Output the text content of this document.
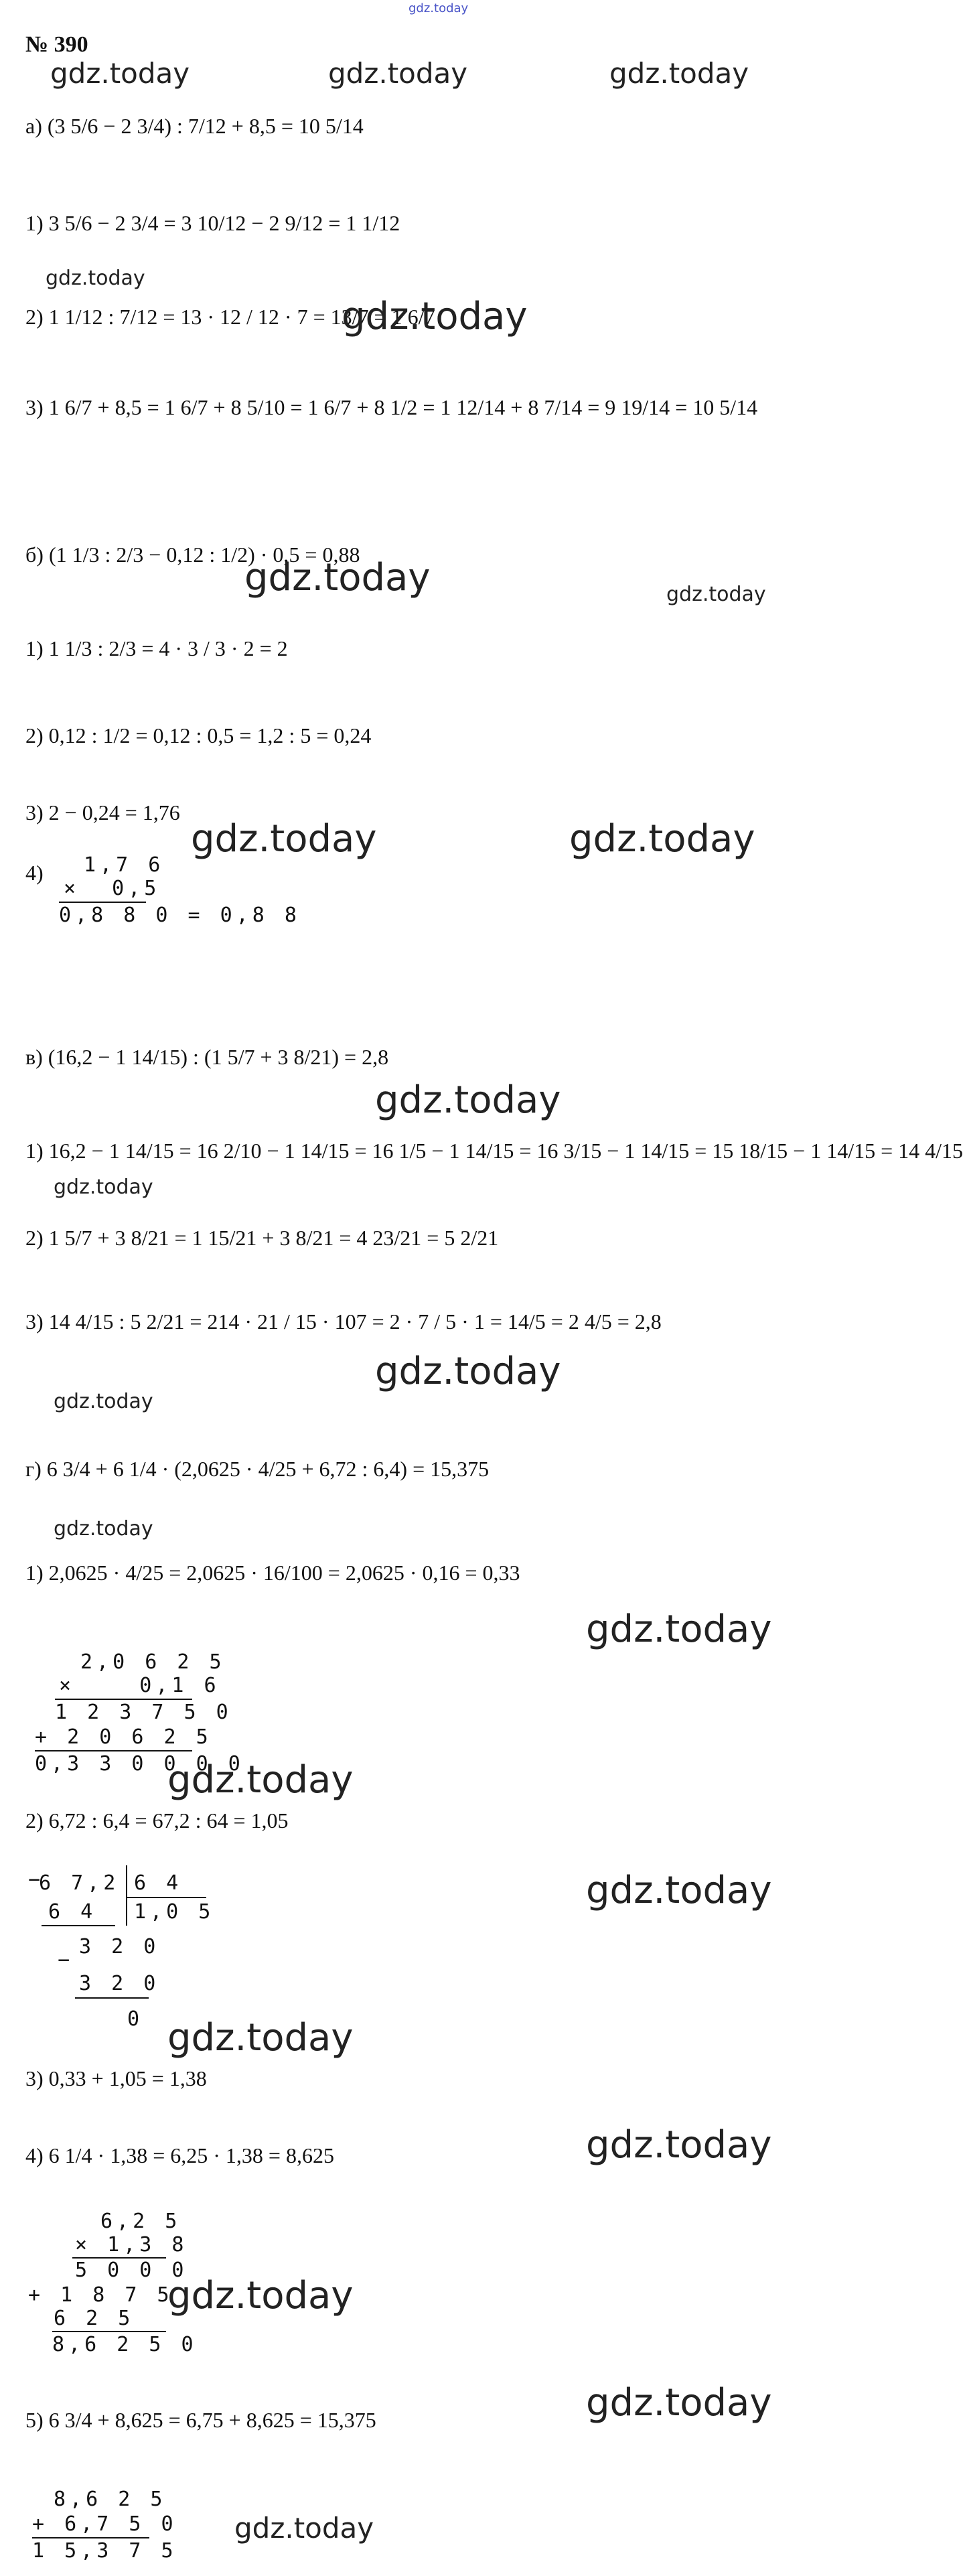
gdz.today
№ 390
а) (3 5/6 − 2 3/4) : 7/12 + 8,5 = 10 5/14
1) 3 5/6 − 2 3/4 = 3 10/12 − 2 9/12 = 1 1/12
2) 1 1/12 : 7/12 = 13 · 12 / 12 · 7 = 13/7 = 1 6/7
3) 1 6/7 + 8,5 = 1 6/7 + 8 5/10 = 1 6/7 + 8 1/2 = 1 12/14 + 8 7/14 = 9 19/14 = 10 5/14
б) (1 1/3 : 2/3 − 0,12 : 1/2) · 0,5 = 0,88
1) 1 1/3 : 2/3 = 4 · 3 / 3 · 2 = 2
2) 0,12 : 1/2 = 0,12 : 0,5 = 1,2 : 5 = 0,24
3) 2 − 0,24 = 1,76
4) 1,7 6
×  0,5
0,8 8 0 = 0,8 8
в) (16,2 − 1 14/15) : (1 5/7 + 3 8/21) = 2,8
1) 16,2 − 1 14/15 = 16 2/10 − 1 14/15 = 16 1/5 − 1 14/15 = 16 3/15 − 1 14/15 = 15 18/15 − 1 14/15 = 14 4/15
2) 1 5/7 + 3 8/21 = 1 15/21 + 3 8/21 = 4 23/21 = 5 2/21
3) 14 4/15 : 5 2/21 = 214 · 21 / 15 · 107 = 2 · 7 / 5 · 1 = 14/5 = 2 4/5 = 2,8
г) 6 3/4 + 6 1/4 · (2,0625 · 4/25 + 6,72 : 6,4) = 15,375
1) 2,0625 · 4/25 = 2,0625 · 16/100 = 2,0625 · 0,16 = 0,33
2,0 6 2 5
×    0,1 6
1 2 3 7 5 0
+ 2 0 6 2 5
0,3 3 0 0 0 0
2) 6,72 : 6,4 = 67,2 : 64 = 1,05
6 7,2
−	6 4
1,0 5
6 4
3 2 0
−
3 2 0
0
3) 0,33 + 1,05 = 1,38
4) 6 1/4 · 1,38 = 6,25 · 1,38 = 8,625
6,2 5
× 1,3 8
5 0 0 0
+ 1 8 7 5
6 2 5
8,6 2 5 0
5) 6 3/4 + 8,625 = 6,75 + 8,625 = 15,375
8,6 2 5
+ 6,7 5 0
1 5,3 7 5
gdz.today	gdz.today	gdz.today
gdz.today
gdz.today
gdz.today	gdz.today
gdz.today	gdz.today
gdz.today
gdz.today
gdz.today
gdz.today
gdz.today
gdz.today
gdz.today
gdz.today
gdz.today
gdz.today
gdz.today
gdz.today
gdz.today
